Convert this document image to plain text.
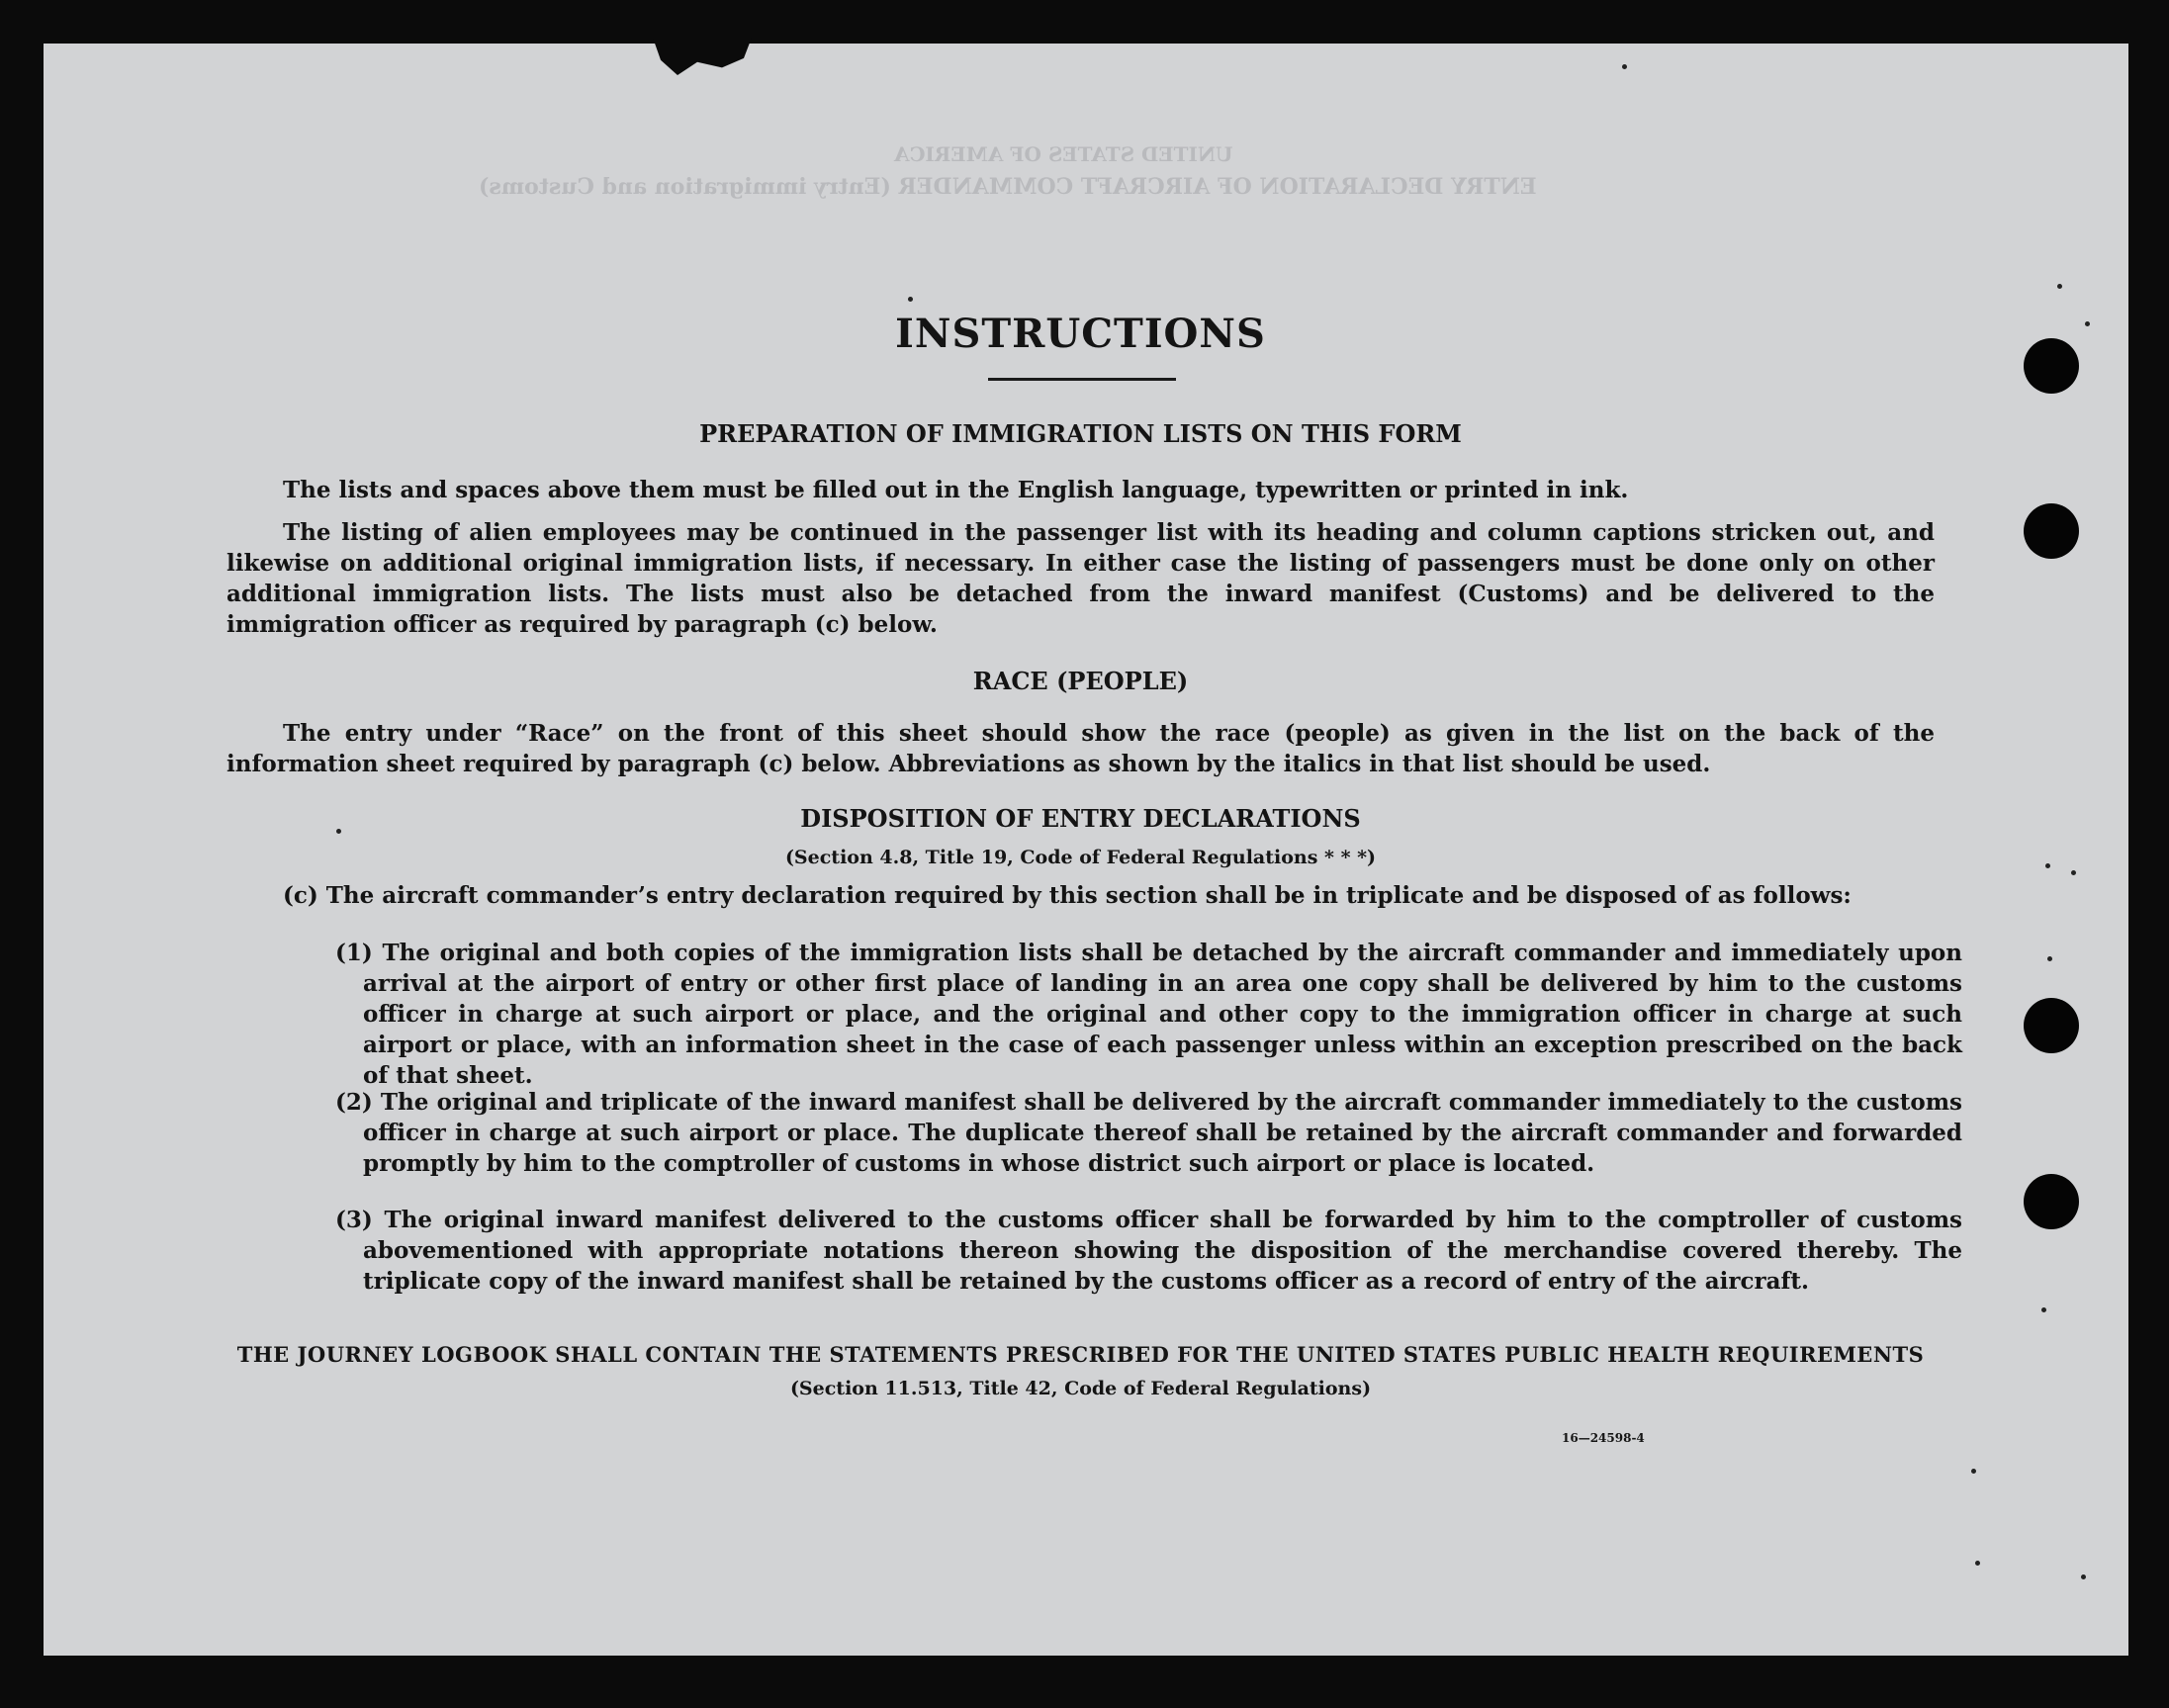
UNITED STATES OF AMERICA
ENTRY DECLARATION OF AIRCRAFT COMMANDER (Entry immigration and Customs)
INSTRUCTIONS
PREPARATION OF IMMIGRATION LISTS ON THIS FORM
The lists and spaces above them must be filled out in the English language, typewritten or printed in ink.
The listing of alien employees may be continued in the passenger list with its heading and column captions stricken out, and likewise on additional original immigration lists, if necessary. In either case the listing of passengers must be done only on other additional immigration lists. The lists must also be detached from the inward manifest (Customs) and be delivered to the immigration officer as required by paragraph (c) below.
RACE (PEOPLE)
The entry under “Race” on the front of this sheet should show the race (people) as given in the list on the back of the information sheet required by paragraph (c) below. Abbreviations as shown by the italics in that list should be used.
DISPOSITION OF ENTRY DECLARATIONS
(Section 4.8, Title 19, Code of Federal Regulations * * *)
(c) The aircraft commander’s entry declaration required by this section shall be in triplicate and be disposed of as follows:
(1) The original and both copies of the immigration lists shall be detached by the aircraft commander and immediately upon arrival at the airport of entry or other first place of landing in an area one copy shall be delivered by him to the customs officer in charge at such airport or place, and the original and other copy to the immigration officer in charge at such airport or place, with an information sheet in the case of each passenger unless within an exception prescribed on the back of that sheet.
(2) The original and triplicate of the inward manifest shall be delivered by the aircraft commander immediately to the customs officer in charge at such airport or place. The duplicate thereof shall be retained by the aircraft commander and forwarded promptly by him to the comptroller of customs in whose district such airport or place is located.
(3) The original inward manifest delivered to the customs officer shall be forwarded by him to the comptroller of customs abovementioned with appropriate notations thereon showing the disposition of the merchandise covered thereby. The triplicate copy of the inward manifest shall be retained by the customs officer as a record of entry of the aircraft.
THE JOURNEY LOGBOOK SHALL CONTAIN THE STATEMENTS PRESCRIBED FOR THE UNITED STATES PUBLIC HEALTH REQUIREMENTS
(Section 11.513, Title 42, Code of Federal Regulations)
16—24598-4
